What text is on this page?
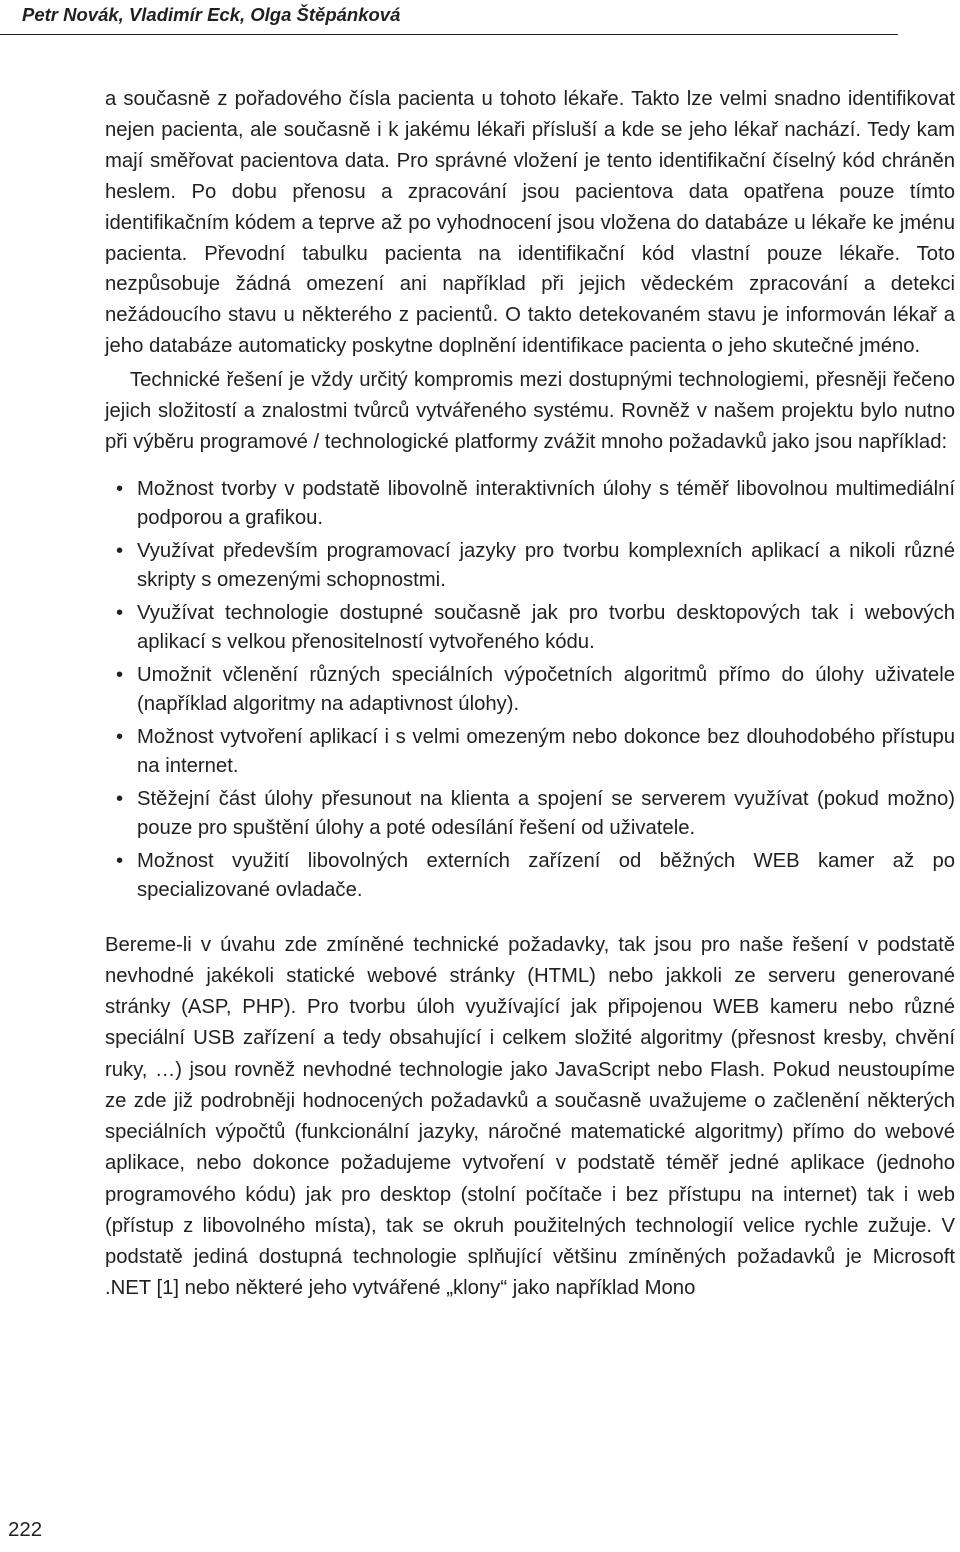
Petr Novák, Vladimír Eck, Olga Štěpánková

a současně z pořadového čísla pacienta u tohoto lékaře. Takto lze velmi snadno identifikovat nejen pacienta, ale současně i k jakému lékaři přísluší a kde se jeho lékař nachází. Tedy kam mají směřovat pacientova data. Pro správné vložení je tento identifikační číselný kód chráněn heslem. Po dobu přenosu a zpracování jsou pacientova data opatřena pouze tímto identifikačním kódem a teprve až po vyhodnocení jsou vložena do databáze u lékaře ke jménu pacienta. Převodní tabulku pacienta na identifikační kód vlastní pouze lékaře. Toto nezpůsobuje žádná omezení ani například při jejich vědeckém zpracování a detekci nežádoucího stavu u některého z pacientů. O takto detekovaném stavu je informován lékař a jeho databáze automaticky poskytne doplnění identifikace pacienta o jeho skutečné jméno.

Technické řešení je vždy určitý kompromis mezi dostupnými technologiemi, přesněji řečeno jejich složitostí a znalostmi tvůrců vytvářeného systému. Rovněž v našem projektu bylo nutno při výběru programové / technologické platformy zvážit mnoho požadavků jako jsou například:

• Možnost tvorby v podstatě libovolně interaktivních úlohy s téměř libovolnou multimediální podporou a grafikou.
• Využívat především programovací jazyky pro tvorbu komplexních aplikací a nikoli různé skripty s omezenými schopnostmi.
• Využívat technologie dostupné současně jak pro tvorbu desktopových tak i webových aplikací s velkou přenositelností vytvořeného kódu.
• Umožnit včlenění různých speciálních výpočetních algoritmů přímo do úlohy uživatele (například algoritmy na adaptivnost úlohy).
• Možnost vytvoření aplikací i s velmi omezeným nebo dokonce bez dlouhodobého přístupu na internet.
• Stěžejní část úlohy přesunout na klienta a spojení se serverem využívat (pokud možno) pouze pro spuštění úlohy a poté odesílání řešení od uživatele.
• Možnost využití libovolných externích zařízení od běžných WEB kamer až po specializované ovladače.

Bereme-li v úvahu zde zmíněné technické požadavky, tak jsou pro naše řešení v podstatě nevhodné jakékoli statické webové stránky (HTML) nebo jakkoli ze serveru generované stránky (ASP, PHP). Pro tvorbu úloh využívající jak připojenou WEB kameru nebo různé speciální USB zařízení a tedy obsahující i celkem složité algoritmy (přesnost kresby, chvění ruky, …) jsou rovněž nevhodné technologie jako JavaScript nebo Flash. Pokud neustoupíme ze zde již podrobněji hodnocených požadavků a současně uvažujeme o začlenění některých speciálních výpočtů (funkcionální jazyky, náročné matematické algoritmy) přímo do webové aplikace, nebo dokonce požadujeme vytvoření v podstatě téměř jedné aplikace (jednoho programového kódu) jak pro desktop (stolní počítače i bez přístupu na internet) tak i web (přístup z libovolného místa), tak se okruh použitelných technologií velice rychle zužuje. V podstatě jediná dostupná technologie splňující většinu zmíněných požadavků je Microsoft .NET [1] nebo některé jeho vytvářené „klony“ jako například Mono

222
